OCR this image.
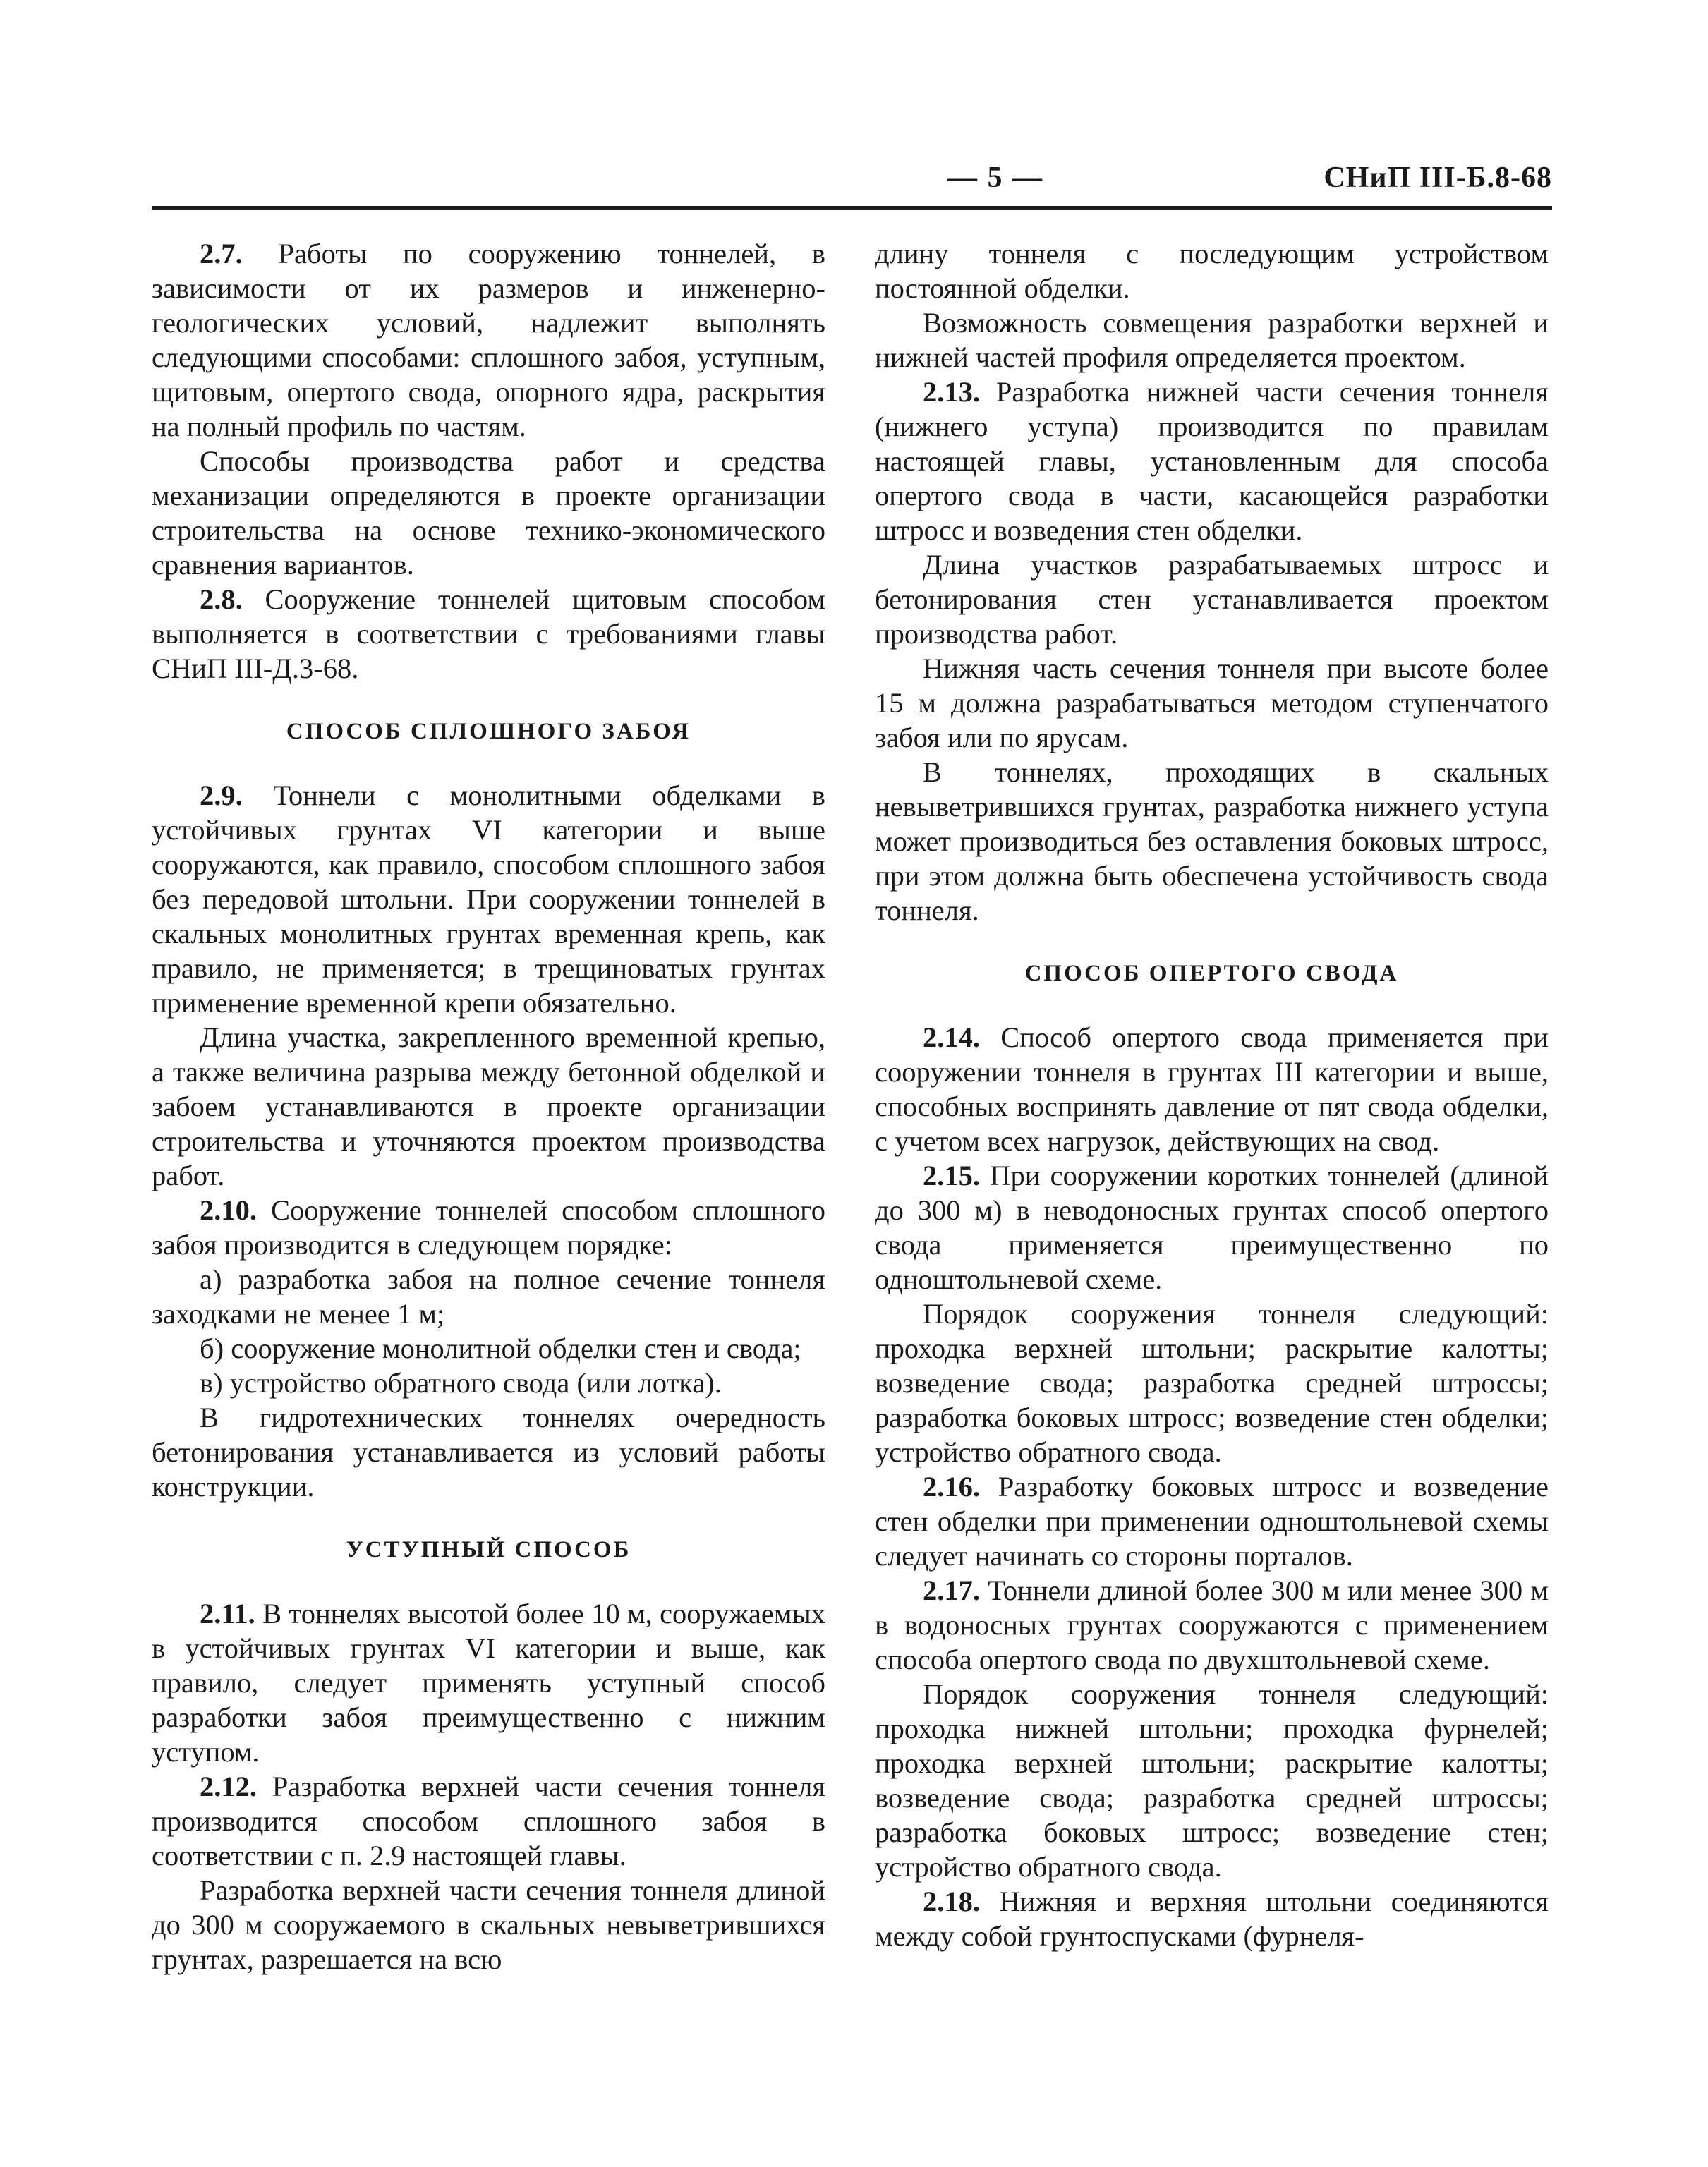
— 5 —	СНиП III-Б.8-68

2.7. Работы по сооружению тоннелей, в зависимости от их размеров и инженерно-геологических условий, надлежит выполнять следующими способами: сплошного забоя, уступным, щитовым, опертого свода, опорного ядра, раскрытия на полный профиль по частям.

Способы производства работ и средства механизации определяются в проекте организации строительства на основе технико-экономического сравнения вариантов.

2.8. Сооружение тоннелей щитовым способом выполняется в соответствии с требованиями главы СНиП III-Д.3-68.

СПОСОБ СПЛОШНОГО ЗАБОЯ

2.9. Тоннели с монолитными обделками в устойчивых грунтах VI категории и выше сооружаются, как правило, способом сплошного забоя без передовой штольни. При сооружении тоннелей в скальных монолитных грунтах временная крепь, как правило, не применяется; в трещиноватых грунтах применение временной крепи обязательно.

Длина участка, закрепленного временной крепью, а также величина разрыва между бетонной обделкой и забоем устанавливаются в проекте организации строительства и уточняются проектом производства работ.

2.10. Сооружение тоннелей способом сплошного забоя производится в следующем порядке:

а) разработка забоя на полное сечение тоннеля заходками не менее 1 м;

б) сооружение монолитной обделки стен и свода;

в) устройство обратного свода (или лотка).

В гидротехнических тоннелях очередность бетонирования устанавливается из условий работы конструкции.

УСТУПНЫЙ СПОСОБ

2.11. В тоннелях высотой более 10 м, сооружаемых в устойчивых грунтах VI категории и выше, как правило, следует применять уступный способ разработки забоя преимущественно с нижним уступом.

2.12. Разработка верхней части сечения тоннеля производится способом сплошного забоя в соответствии с п. 2.9 настоящей главы.

Разработка верхней части сечения тоннеля длиной до 300 м сооружаемого в скальных невыветрившихся грунтах, разрешается на всю

длину тоннеля с последующим устройством постоянной обделки.

Возможность совмещения разработки верхней и нижней частей профиля определяется проектом.

2.13. Разработка нижней части сечения тоннеля (нижнего уступа) производится по правилам настоящей главы, установленным для способа опертого свода в части, касающейся разработки штросс и возведения стен обделки.

Длина участков разрабатываемых штросс и бетонирования стен устанавливается проектом производства работ.

Нижняя часть сечения тоннеля при высоте более 15 м должна разрабатываться методом ступенчатого забоя или по ярусам.

В тоннелях, проходящих в скальных невыветрившихся грунтах, разработка нижнего уступа может производиться без оставления боковых штросс, при этом должна быть обеспечена устойчивость свода тоннеля.

СПОСОБ ОПЕРТОГО СВОДА

2.14. Способ опертого свода применяется при сооружении тоннеля в грунтах III категории и выше, способных воспринять давление от пят свода обделки, с учетом всех нагрузок, действующих на свод.

2.15. При сооружении коротких тоннелей (длиной до 300 м) в неводоносных грунтах способ опертого свода применяется преимущественно по одноштольневой схеме.

Порядок сооружения тоннеля следующий: проходка верхней штольни; раскрытие калотты; возведение свода; разработка средней штроссы; разработка боковых штросс; возведение стен обделки; устройство обратного свода.

2.16. Разработку боковых штросс и возведение стен обделки при применении одноштольневой схемы следует начинать со стороны порталов.

2.17. Тоннели длиной более 300 м или менее 300 м в водоносных грунтах сооружаются с применением способа опертого свода по двухштольневой схеме.

Порядок сооружения тоннеля следующий: проходка нижней штольни; проходка фурнелей; проходка верхней штольни; раскрытие калотты; возведение свода; разработка средней штроссы; разработка боковых штросс; возведение стен; устройство обратного свода.

2.18. Нижняя и верхняя штольни соединяются между собой грунтоспусками (фурнеля-
